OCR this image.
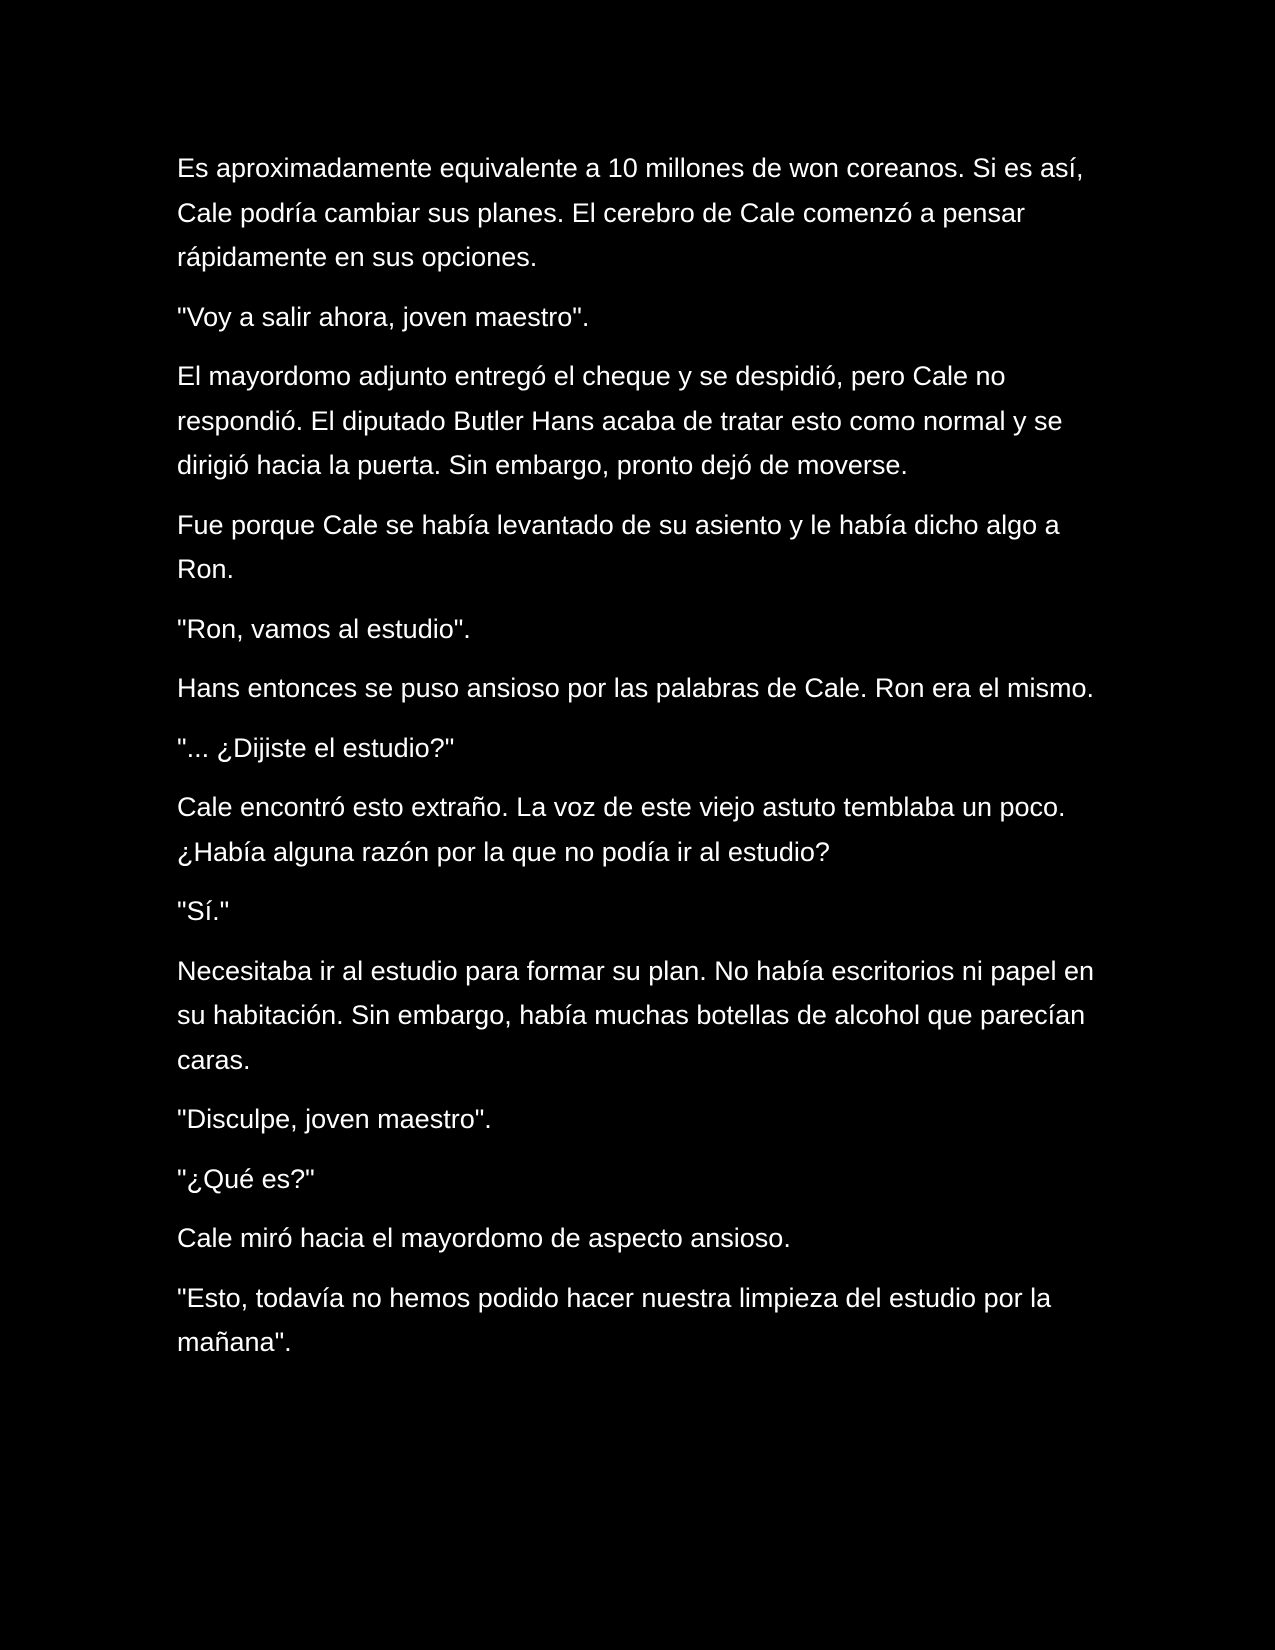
Es aproximadamente equivalente a 10 millones de won coreanos. Si es así, Cale podría cambiar sus planes. El cerebro de Cale comenzó a pensar rápidamente en sus opciones.

"Voy a salir ahora, joven maestro".

El mayordomo adjunto entregó el cheque y se despidió, pero Cale no respondió. El diputado Butler Hans acaba de tratar esto como normal y se dirigió hacia la puerta. Sin embargo, pronto dejó de moverse.

Fue porque Cale se había levantado de su asiento y le había dicho algo a Ron.

"Ron, vamos al estudio".

Hans entonces se puso ansioso por las palabras de Cale. Ron era el mismo.

"... ¿Dijiste el estudio?"

Cale encontró esto extraño. La voz de este viejo astuto temblaba un poco. ¿Había alguna razón por la que no podía ir al estudio?

"Sí."

Necesitaba ir al estudio para formar su plan. No había escritorios ni papel en su habitación. Sin embargo, había muchas botellas de alcohol que parecían caras.

"Disculpe, joven maestro".

"¿Qué es?"

Cale miró hacia el mayordomo de aspecto ansioso.

"Esto, todavía no hemos podido hacer nuestra limpieza del estudio por la mañana".
